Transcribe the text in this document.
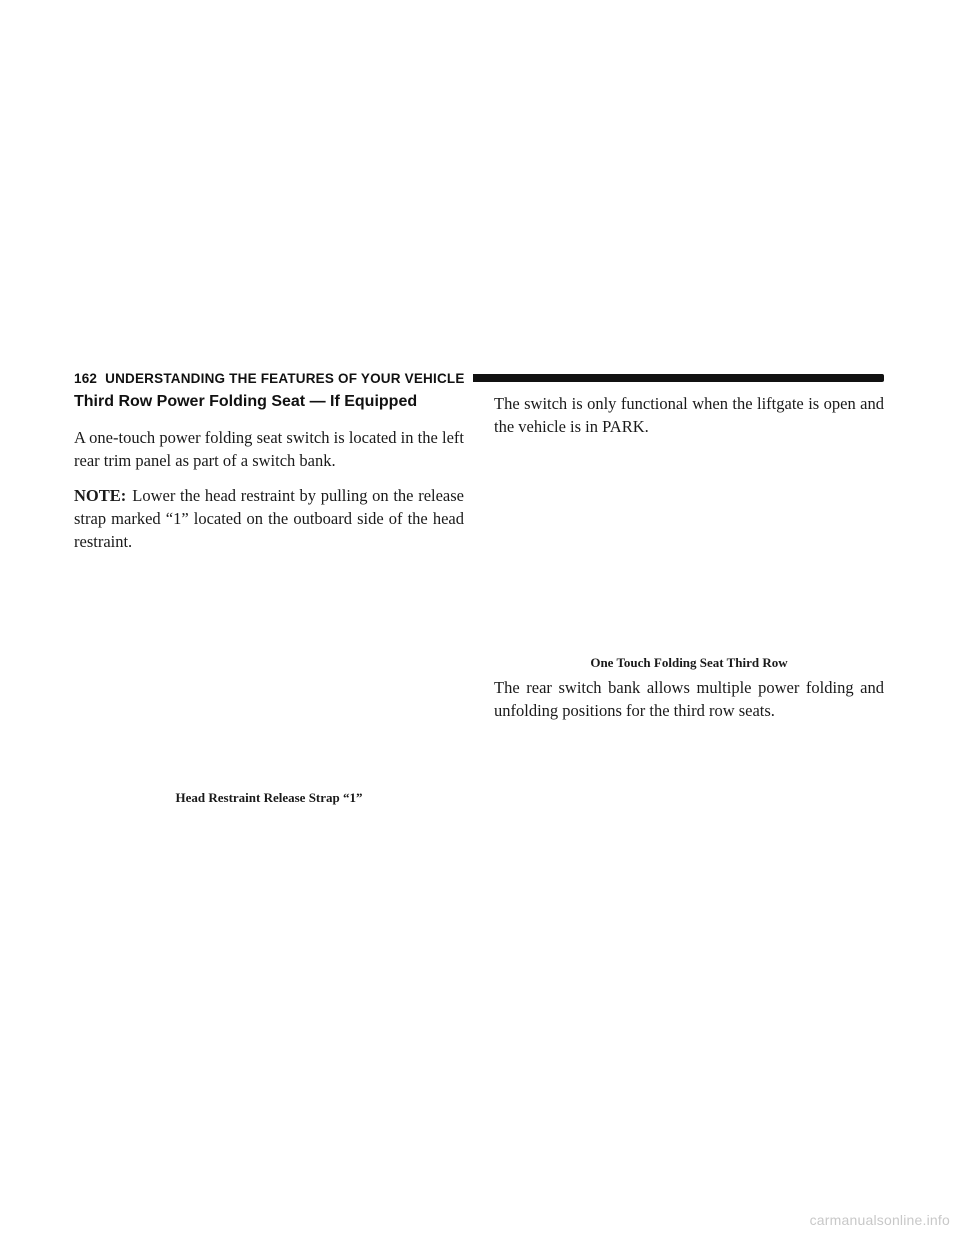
162 UNDERSTANDING THE FEATURES OF YOUR VEHICLE
Third Row Power Folding Seat — If Equipped

A one-touch power folding seat switch is located in the left rear trim panel as part of a switch bank.

NOTE: Lower the head restraint by pulling on the release strap marked “1” located on the outboard side of the head restraint.

Head Restraint Release Strap “1”

The switch is only functional when the liftgate is open and the vehicle is in PARK.

One Touch Folding Seat Third Row

The rear switch bank allows multiple power folding and unfolding positions for the third row seats.

carmanualsonline.info
